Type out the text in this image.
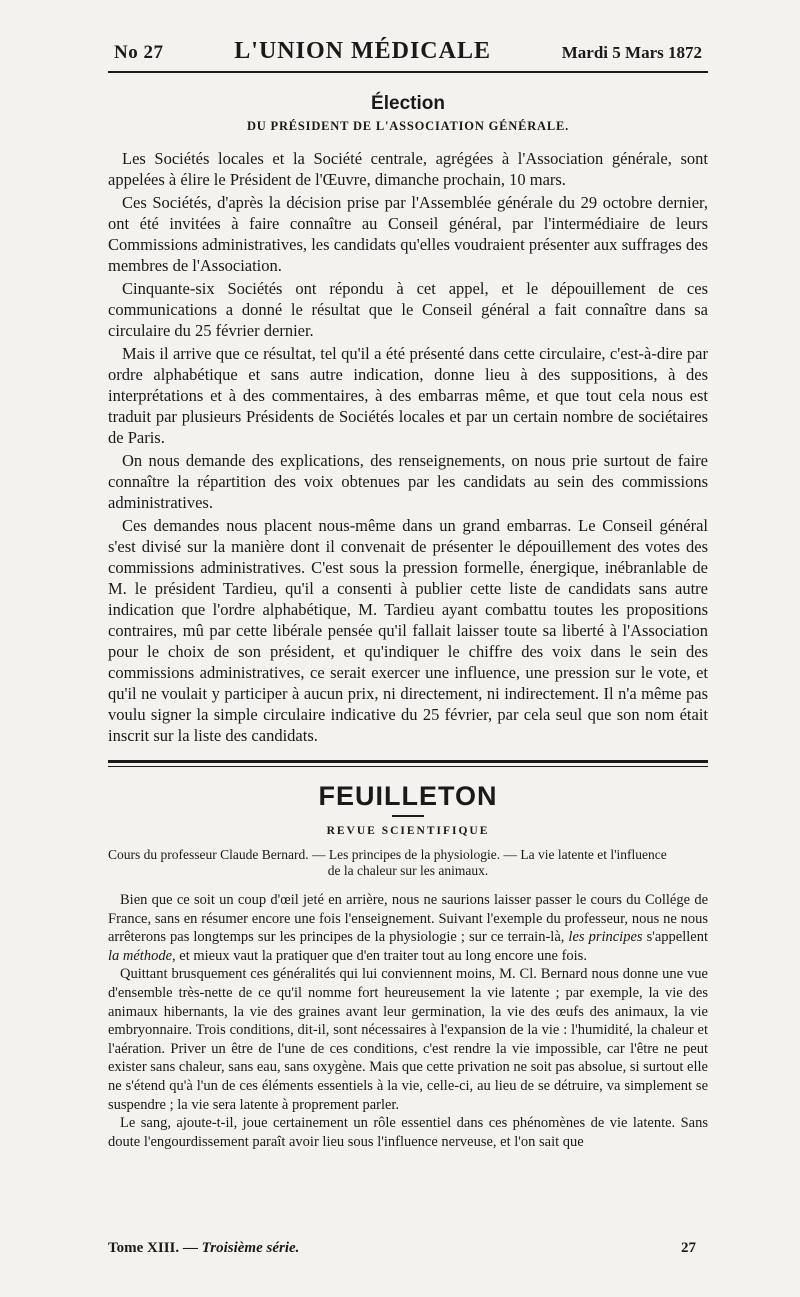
No 27	L'UNION MÉDICALE	Mardi 5 Mars 1872
Élection
DU PRÉSIDENT DE L'ASSOCIATION GÉNÉRALE.

Les Sociétés locales et la Société centrale, agrégées à l'Association générale, sont appelées à élire le Président de l'Œuvre, dimanche prochain, 10 mars.

Ces Sociétés, d'après la décision prise par l'Assemblée générale du 29 octobre dernier, ont été invitées à faire connaître au Conseil général, par l'intermédiaire de leurs Commissions administratives, les candidats qu'elles voudraient présenter aux suffrages des membres de l'Association.

Cinquante-six Sociétés ont répondu à cet appel, et le dépouillement de ces communications a donné le résultat que le Conseil général a fait connaître dans sa circulaire du 25 février dernier.

Mais il arrive que ce résultat, tel qu'il a été présenté dans cette circulaire, c'est-à-dire par ordre alphabétique et sans autre indication, donne lieu à des suppositions, à des interprétations et à des commentaires, à des embarras même, et que tout cela nous est traduit par plusieurs Présidents de Sociétés locales et par un certain nombre de sociétaires de Paris.

On nous demande des explications, des renseignements, on nous prie surtout de faire connaître la répartition des voix obtenues par les candidats au sein des commissions administratives.

Ces demandes nous placent nous-même dans un grand embarras. Le Conseil général s'est divisé sur la manière dont il convenait de présenter le dépouillement des votes des commissions administratives. C'est sous la pression formelle, énergique, inébranlable de M. le président Tardieu, qu'il a consenti à publier cette liste de candidats sans autre indication que l'ordre alphabétique, M. Tardieu ayant combattu toutes les propositions contraires, mû par cette libérale pensée qu'il fallait laisser toute sa liberté à l'Association pour le choix de son président, et qu'indiquer le chiffre des voix dans le sein des commissions administratives, ce serait exercer une influence, une pression sur le vote, et qu'il ne voulait y participer à aucun prix, ni directement, ni indirectement. Il n'a même pas voulu signer la simple circulaire indicative du 25 février, par cela seul que son nom était inscrit sur la liste des candidats.

FEUILLETON
REVUE SCIENTIFIQUE
Cours du professeur Claude Bernard. — Les principes de la physiologie. — La vie latente et l'influence
de la chaleur sur les animaux.

Bien que ce soit un coup d'œil jeté en arrière, nous ne saurions laisser passer le cours du Collége de France, sans en résumer encore une fois l'enseignement. Suivant l'exemple du professeur, nous ne nous arrêterons pas longtemps sur les principes de la physiologie ; sur ce terrain-là, les principes s'appellent la méthode, et mieux vaut la pratiquer que d'en traiter tout au long encore une fois.

Quittant brusquement ces généralités qui lui conviennent moins, M. Cl. Bernard nous donne une vue d'ensemble très-nette de ce qu'il nomme fort heureusement la vie latente ; par exemple, la vie des animaux hibernants, la vie des graines avant leur germination, la vie des œufs des animaux, la vie embryonnaire. Trois conditions, dit-il, sont nécessaires à l'expansion de la vie : l'humidité, la chaleur et l'aération. Priver un être de l'une de ces conditions, c'est rendre la vie impossible, car l'être ne peut exister sans chaleur, sans eau, sans oxygène. Mais que cette privation ne soit pas absolue, si surtout elle ne s'étend qu'à l'un de ces éléments essentiels à la vie, celle-ci, au lieu de se détruire, va simplement se suspendre ; la vie sera latente à proprement parler.

Le sang, ajoute-t-il, joue certainement un rôle essentiel dans ces phénomènes de vie latente. Sans doute l'engourdissement paraît avoir lieu sous l'influence nerveuse, et l'on sait que

Tome XIII. — Troisième série.	27
